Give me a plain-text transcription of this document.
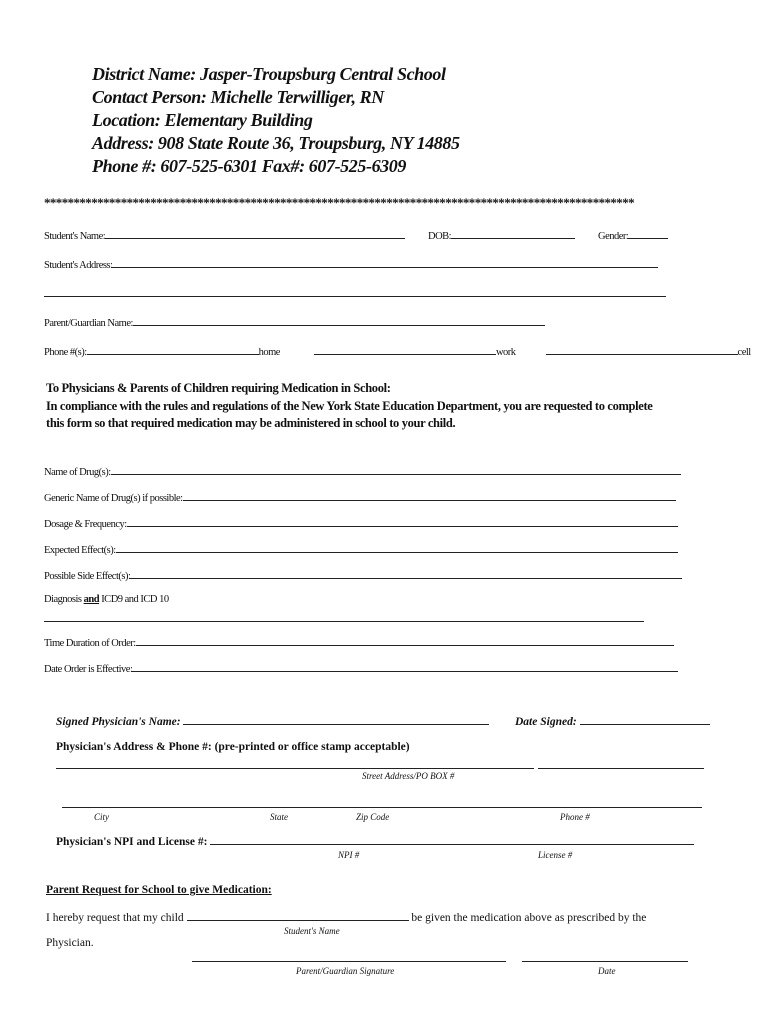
District Name: Jasper-Troupsburg Central School
Contact Person: Michelle Terwilliger, RN
Location: Elementary Building
Address: 908 State Route 36, Troupsburg, NY 14885
Phone #: 607-525-6301 Fax#: 607-525-6309
****************************************************************************************************
Student's Name:	DOB:	Gender:
Student's Address:
Parent/Guardian Name:
Phone #(s):	home	work	cell
To Physicians & Parents of Children requiring Medication in School:
In compliance with the rules and regulations of the New York State Education Department, you are requested to complete
this form so that required medication may be administered in school to your child.
Name of Drug(s):
Generic Name of Drug(s) if possible:
Dosage & Frequency:
Expected Effect(s):
Possible Side Effect(s):
Diagnosis and ICD9 and ICD 10
Time Duration of Order:
Date Order is Effective:
Signed Physician's Name:	Date Signed:
Physician's Address & Phone #: (pre-printed or office stamp acceptable)
Street Address/PO BOX #
City	State	Zip Code	Phone #
Physician's NPI and License #:
NPI #	License #
Parent Request for School to give Medication:
I hereby request that my child	be given the medication above as prescribed by the
Student's Name
Physician.
Parent/Guardian Signature	Date
